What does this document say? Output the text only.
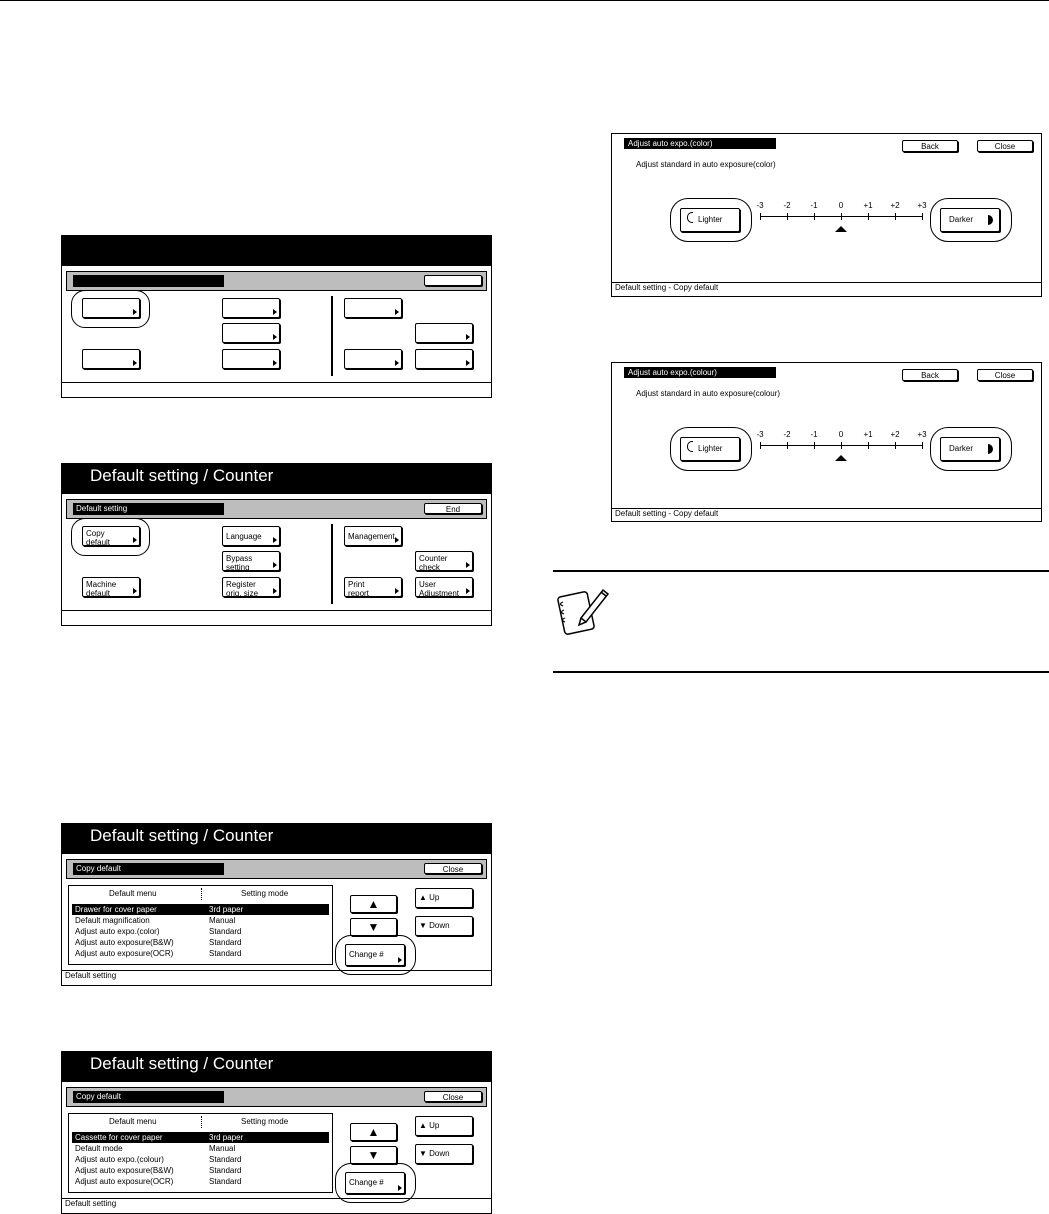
Default setting / Counter
Default setting	End
Copy
default
Machine
default
Language
Bypass
setting
Register
orig. size
Management
Counter
check
Print
report
User
Adjustment
Default setting / Counter
Copy default	Close
Default menu	Setting mode
Drawer for cover paper	3rd paper
Default magnification	Manual
Adjust auto expo.(color)	Standard
Adjust auto exposure(B&W)	Standard
Adjust auto exposure(OCR)	Standard
▲
▼
▲ Up
▼ Down
Change #
Default setting
Default setting / Counter
Copy default	Close
Default menu	Setting mode
Cassette for cover paper	3rd paper
Default mode	Manual
Adjust auto expo.(colour)	Standard
Adjust auto exposure(B&W)	Standard
Adjust auto exposure(OCR)	Standard
▲
▼
▲ Up
▼ Down
Change #
Default setting
Adjust auto expo.(color)	Back	Close
Adjust standard in auto exposure(color)
Lighter	Darker
-3	-2	-1	0	+1	+2	+3
Default setting - Copy default
Adjust auto expo.(colour)	Back	Close
Adjust standard in auto exposure(colour)
Lighter	Darker
-3	-2	-1	0	+1	+2	+3
Default setting - Copy default
